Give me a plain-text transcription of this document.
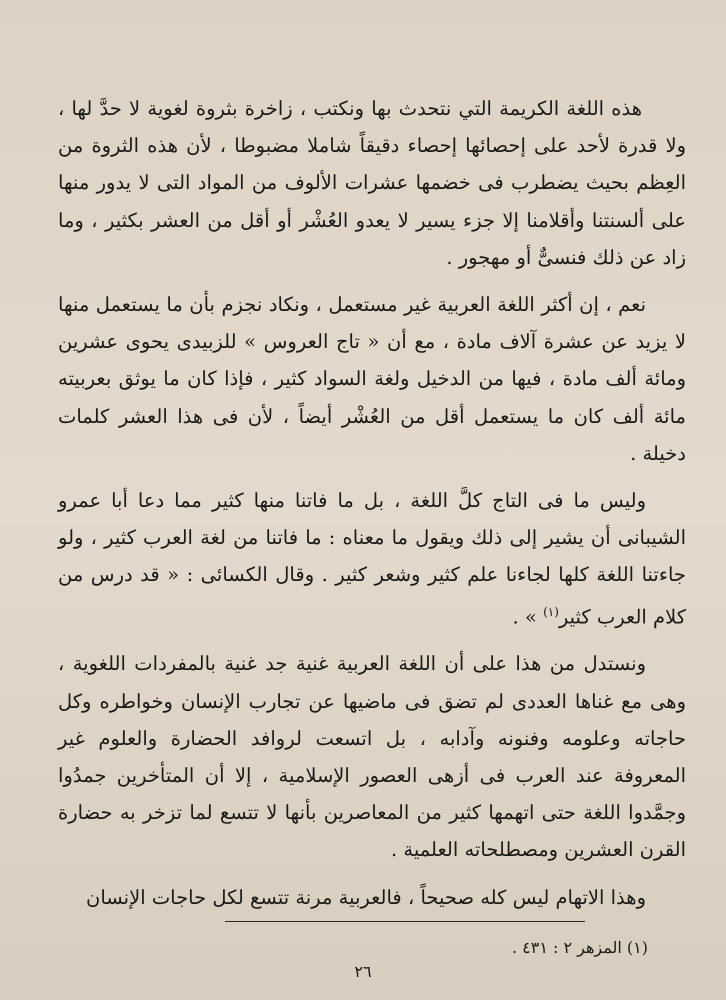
هذه اللغة الكريمة التي نتحدث بها ونكتب ، زاخرة بثروة لغوية لا حدَّ لها ، ولا قدرة لأحد على إحصائها إحصاء دقيقاً شاملا مضبوطا ، لأن هذه الثروة من العِظم بحيث يضطرب فى خضمها عشرات الألوف من المواد التى لا يدور منها على ألسنتنا وأقلامنا إلا جزء يسير لا يعدو العُشْر أو أقل من العشر بكثير ، وما زاد عن ذلك فنسىٌّ أو مهجور .

نعم ، إن أكثر اللغة العربية غير مستعمل ، ونكاد نجزم بأن ما يستعمل منها لا يزيد عن عشرة آلاف مادة ، مع أن « تاج العروس » للزبيدى يحوى عشرين ومائة ألف مادة ، فيها من الدخيل ولغة السواد كثير ، فإذا كان ما يوثق بعربيته مائة ألف كان ما يستعمل أقل من العُشْر أيضاً ، لأن فى هذا العشر كلمات دخيلة .

وليس ما فى التاج كلَّ اللغة ، بل ما فاتنا منها كثير مما دعا أبا عمرو الشيبانى أن يشير إلى ذلك ويقول ما معناه : ما فاتنا من لغة العرب كثير ، ولو جاءتنا اللغة كلها لجاءنا علم كثير وشعر كثير . وقال الكسائى : « قد درس من كلام العرب كثير$^{(١)}$ » .

ونستدل من هذا على أن اللغة العربية غنية جد غنية بالمفردات اللغوية ، وهى مع غناها العددى لم تضق فى ماضيها عن تجارب الإنسان وخواطره وكل حاجاته وعلومه وفنونه وآدابه ، بل اتسعت لروافد الحضارة والعلوم غير المعروفة عند العرب فى أزهى العصور الإسلامية ، إلا أن المتأخرين جمدُوا وجمَّدوا اللغة حتى اتهمها كثير من المعاصرين بأنها لا تتسع لما تزخر به حضارة القرن العشرين ومصطلحاته العلمية .

وهذا الاتهام ليس كله صحيحاً ، فالعربية مرنة تتسع لكل حاجات الإنسان

(١) المزهر ٢ : ٤٣١ .
٢٦
